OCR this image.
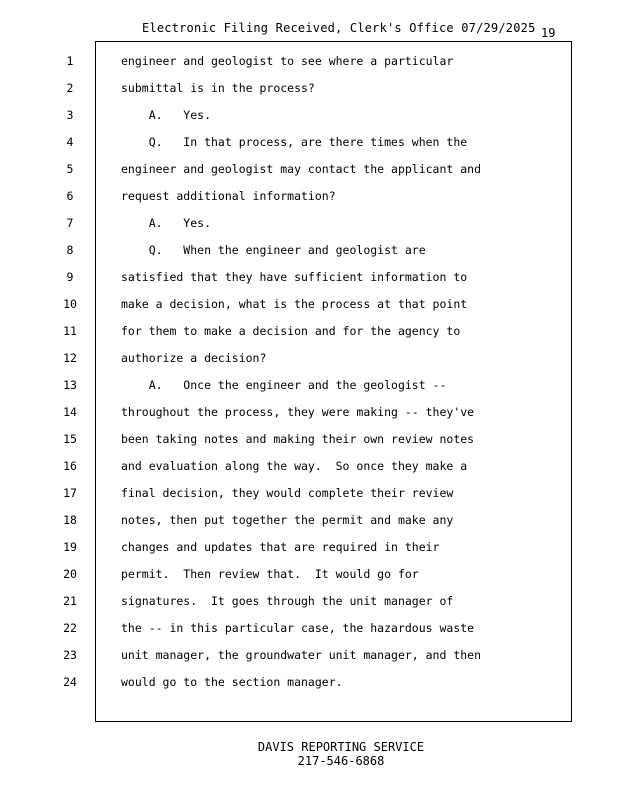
Electronic Filing Received, Clerk's Office 07/29/2025 19
1
2
3
4
5
6
7
8
9
10
11
12
13
14
15
16
17
18
19
20
21
22
23
24
engineer and geologist to see where a particular
submittal is in the process?
A.   Yes.
Q.   In that process, are there times when the
engineer and geologist may contact the applicant and
request additional information?
A.   Yes.
Q.   When the engineer and geologist are
satisfied that they have sufficient information to
make a decision, what is the process at that point
for them to make a decision and for the agency to
authorize a decision?
A.   Once the engineer and the geologist --
throughout the process, they were making -- they've
been taking notes and making their own review notes
and evaluation along the way.  So once they make a
final decision, they would complete their review
notes, then put together the permit and make any
changes and updates that are required in their
permit.  Then review that.  It would go for
signatures.  It goes through the unit manager of
the -- in this particular case, the hazardous waste
unit manager, the groundwater unit manager, and then
would go to the section manager.
DAVIS REPORTING SERVICE
217-546-6868
